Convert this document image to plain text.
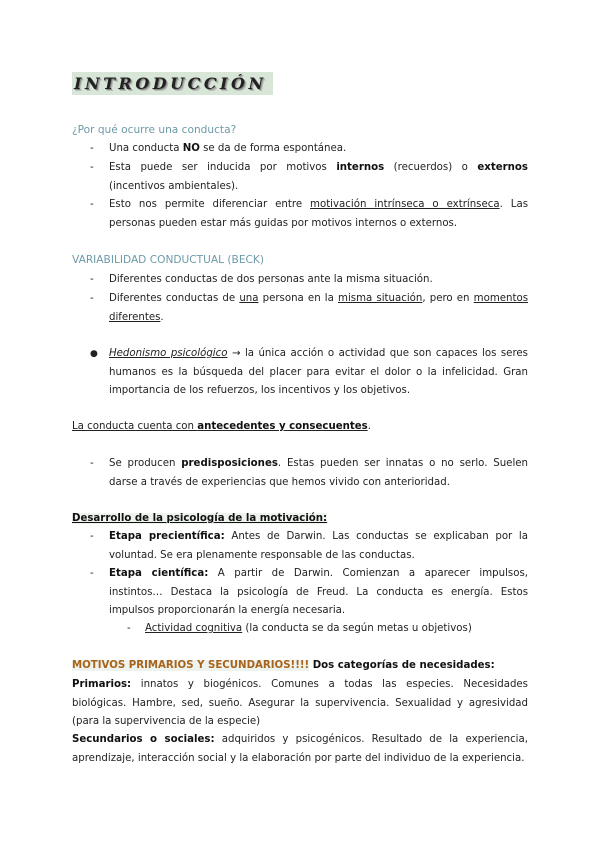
INTRODUCCIÓN
¿Por qué ocurre una conducta?
- Una conducta NO se da de forma espontánea.
- Esta puede ser inducida por motivos internos (recuerdos) o externos (incentivos ambientales).
- Esto nos permite diferenciar entre motivación intrínseca o extrínseca. Las personas pueden estar más guidas por motivos internos o externos.
VARIABILIDAD CONDUCTUAL (BECK)
- Diferentes conductas de dos personas ante la misma situación.
- Diferentes conductas de una persona en la misma situación, pero en momentos diferentes.
● Hedonismo psicológico → la única acción o actividad que son capaces los seres humanos es la búsqueda del placer para evitar el dolor o la infelicidad. Gran importancia de los refuerzos, los incentivos y los objetivos.
La conducta cuenta con antecedentes y consecuentes.
- Se producen predisposiciones. Estas pueden ser innatas o no serlo. Suelen darse a través de experiencias que hemos vivido con anterioridad.
Desarrollo de la psicología de la motivación:
- Etapa precientífica: Antes de Darwin. Las conductas se explicaban por la voluntad. Se era plenamente responsable de las conductas.
- Etapa científica: A partir de Darwin. Comienzan a aparecer impulsos, instintos… Destaca la psicología de Freud. La conducta es energía. Estos impulsos proporcionarán la energía necesaria.
- Actividad cognitiva (la conducta se da según metas u objetivos)
MOTIVOS PRIMARIOS Y SECUNDARIOS!!!! Dos categorías de necesidades:
Primarios: innatos y biogénicos. Comunes a todas las especies. Necesidades biológicas. Hambre, sed, sueño. Asegurar la supervivencia. Sexualidad y agresividad (para la supervivencia de la especie)
Secundarios o sociales: adquiridos y psicogénicos. Resultado de la experiencia, aprendizaje, interacción social y la elaboración por parte del individuo de la experiencia.
